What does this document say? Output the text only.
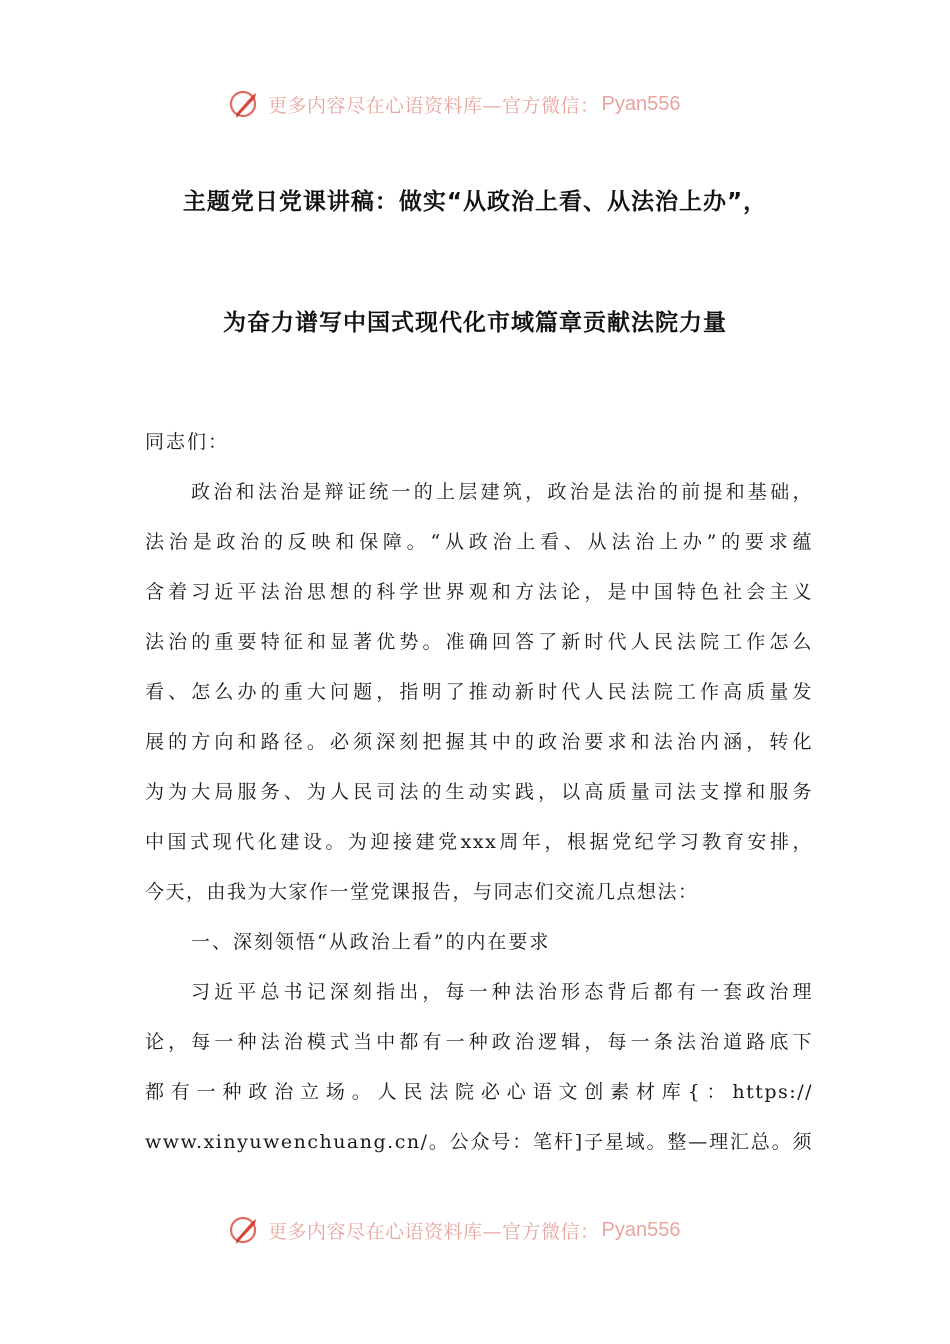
更多内容尽在心语资料库—官方微信： Pyan556
主题党日党课讲稿：做实“从政治上看、从法治上办”，
为奋力谱写中国式现代化市域篇章贡献法院力量
同志们：
政治和法治是辩证统一的上层建筑，政治是法治的前提和基础，
法治是政治的反映和保障。“从政治上看、从法治上办”的要求蕴
含着习近平法治思想的科学世界观和方法论，是中国特色社会主义
法治的重要特征和显著优势。准确回答了新时代人民法院工作怎么
看、怎么办的重大问题，指明了推动新时代人民法院工作高质量发
展的方向和路径。必须深刻把握其中的政治要求和法治内涵，转化
为为大局服务、为人民司法的生动实践，以高质量司法支撑和服务
中国式现代化建设。为迎接建党xxx周年，根据党纪学习教育安排，
今天，由我为大家作一堂党课报告，与同志们交流几点想法：
一、深刻领悟“从政治上看”的内在要求
习近平总书记深刻指出，每一种法治形态背后都有一套政治理
论，每一种法治模式当中都有一种政治逻辑，每一条法治道路底下
都有一种政治立场。人民法院必心语文创素材库{：https://
www.xinyuwenchuang.cn/。公众号：笔杆]子星域。整—理汇总。须
更多内容尽在心语资料库—官方微信： Pyan556
